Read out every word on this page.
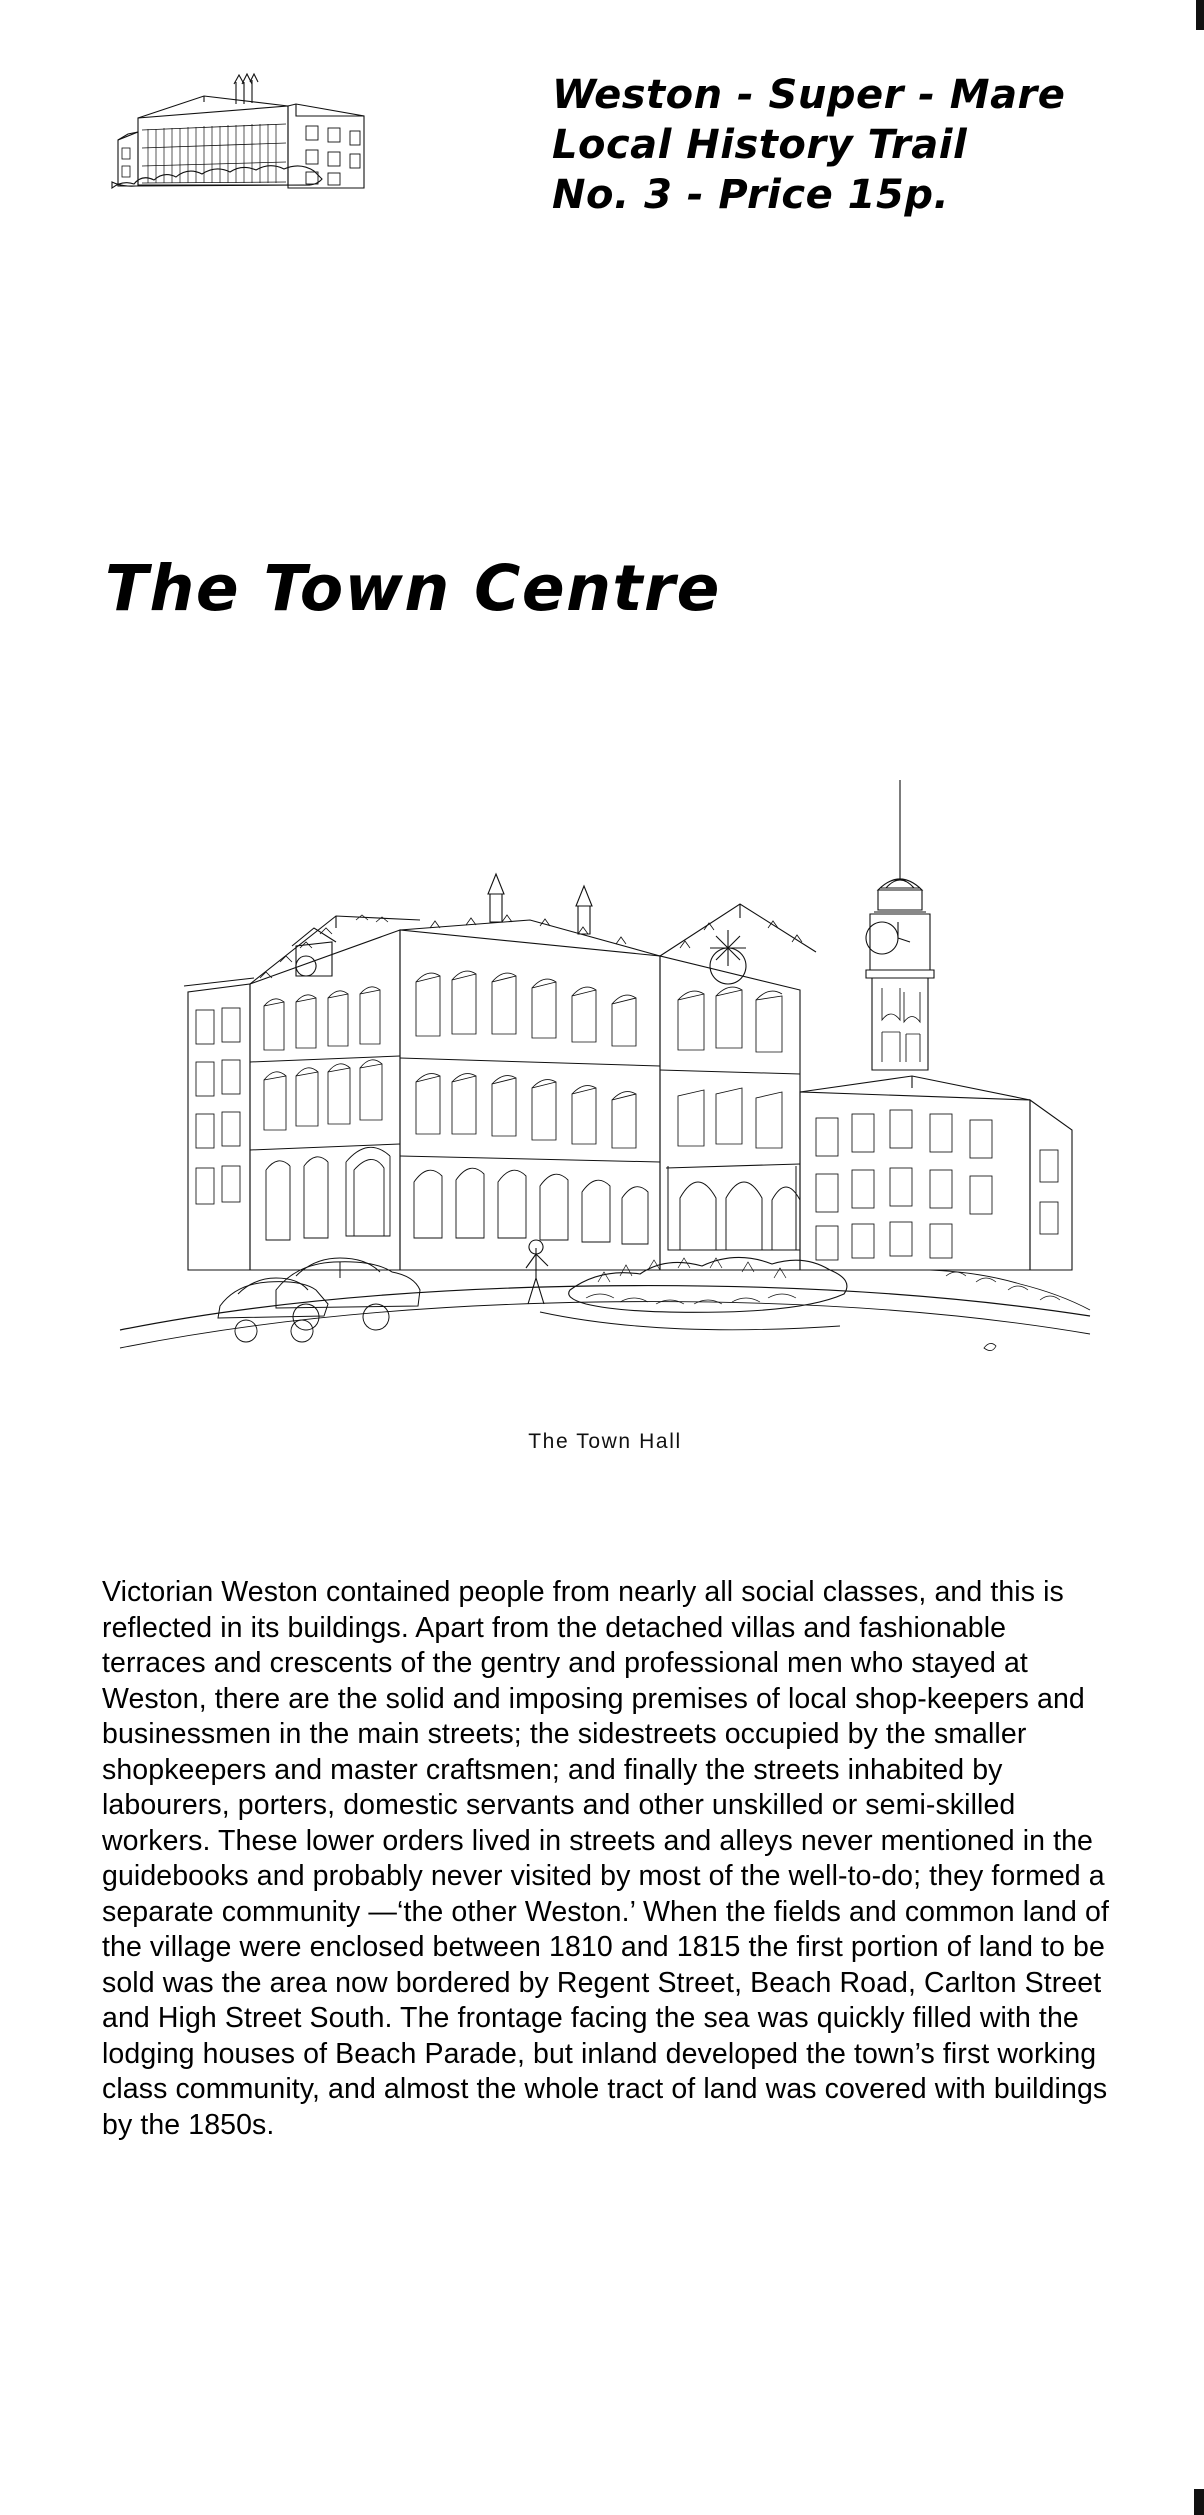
Weston - Super - Mare
Local History Trail
No. 3 - Price 15p.
The Town Centre
The Town Hall

Victorian Weston contained people from nearly all social classes, and this is reflected in its buildings. Apart from the detached villas and fashionable terraces and crescents of the gentry and professional men who stayed at Weston, there are the solid and imposing premises of local shop-keepers and businessmen in the main streets; the sidestreets occupied by the smaller shopkeepers and master craftsmen; and finally the streets inhabited by labourers, porters, domestic servants and other unskilled or semi-skilled workers. These lower orders lived in streets and alleys never mentioned in the guidebooks and probably never visited by most of the well-to-do; they formed a separate community —‘the other Weston.’ When the fields and common land of the village were enclosed between 1810 and 1815 the first portion of land to be sold was the area now bordered by Regent Street, Beach Road, Carlton Street and High Street South. The frontage facing the sea was quickly filled with the lodging houses of Beach Parade, but inland developed the town’s first working class community, and almost the whole tract of land was covered with buildings by the 1850s.
